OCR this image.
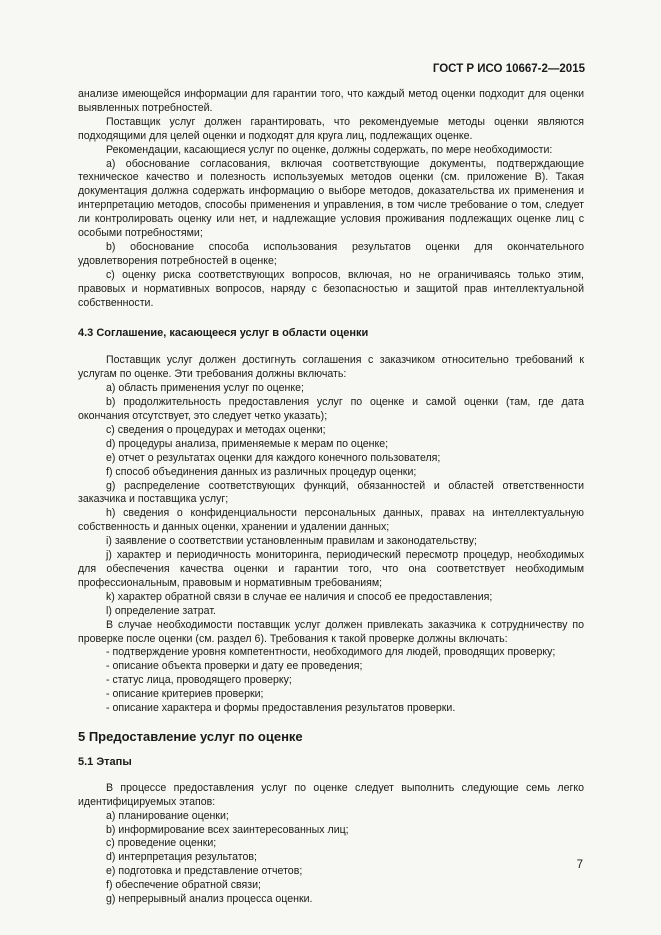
ГОСТ Р ИСО 10667-2—2015

анализе имеющейся информации для гарантии того, что каждый метод оценки подходит для оценки выявленных потребностей.

Поставщик услуг должен гарантировать, что рекомендуемые методы оценки являются подходящими для целей оценки и подходят для круга лиц, подлежащих оценке.

Рекомендации, касающиеся услуг по оценке, должны содержать, по мере необходимости:

а) обоснование согласования, включая соответствующие документы, подтверждающие техническое качество и полезность используемых методов оценки (см. приложение В). Такая документация должна содержать информацию о выборе методов, доказательства их применения и интерпретацию методов, способы применения и управления, в том числе требование о том, следует ли контролировать оценку или нет, и надлежащие условия проживания подлежащих оценке лиц с особыми потребностями;

b) обоснование способа использования результатов оценки для окончательного удовлетворения потребностей в оценке;

с) оценку риска соответствующих вопросов, включая, но не ограничиваясь только этим, правовых и нормативных вопросов, наряду с безопасностью и защитой прав интеллектуальной собственности.

4.3 Соглашение, касающееся услуг в области оценки

Поставщик услуг должен достигнуть соглашения с заказчиком относительно требований к услугам по оценке. Эти требования должны включать:

а) область применения услуг по оценке;

b) продолжительность предоставления услуг по оценке и самой оценки (там, где дата окончания отсутствует, это следует четко указать);

с) сведения о процедурах и методах оценки;

d) процедуры анализа, применяемые к мерам по оценке;

е) отчет о результатах оценки для каждого конечного пользователя;

f) способ объединения данных из различных процедур оценки;

g) распределение соответствующих функций, обязанностей и областей ответственности заказчика и поставщика услуг;

h) сведения о конфиденциальности персональных данных, правах на интеллектуальную собственность и данных оценки, хранении и удалении данных;

i) заявление о соответствии установленным правилам и законодательству;

j) характер и периодичность мониторинга, периодический пересмотр процедур, необходимых для обеспечения качества оценки и гарантии того, что она соответствует необходимым профессиональным, правовым и нормативным требованиям;

k) характер обратной связи в случае ее наличия и способ ее предоставления;

l) определение затрат.

В случае необходимости поставщик услуг должен привлекать заказчика к сотрудничеству по проверке после оценки (см. раздел 6). Требования к такой проверке должны включать:

- подтверждение уровня компетентности, необходимого для людей, проводящих проверку;

- описание объекта проверки и дату ее проведения;

- статус лица, проводящего проверку;

- описание критериев проверки;

- описание характера и формы предоставления результатов проверки.

5 Предоставление услуг по оценке

5.1 Этапы

В процессе предоставления услуг по оценке следует выполнить следующие семь легко идентифицируемых этапов:

а) планирование оценки;

b) информирование всех заинтересованных лиц;

с) проведение оценки;

d) интерпретация результатов;

е) подготовка и представление отчетов;

f) обеспечение обратной связи;

g) непрерывный анализ процесса оценки.

7
